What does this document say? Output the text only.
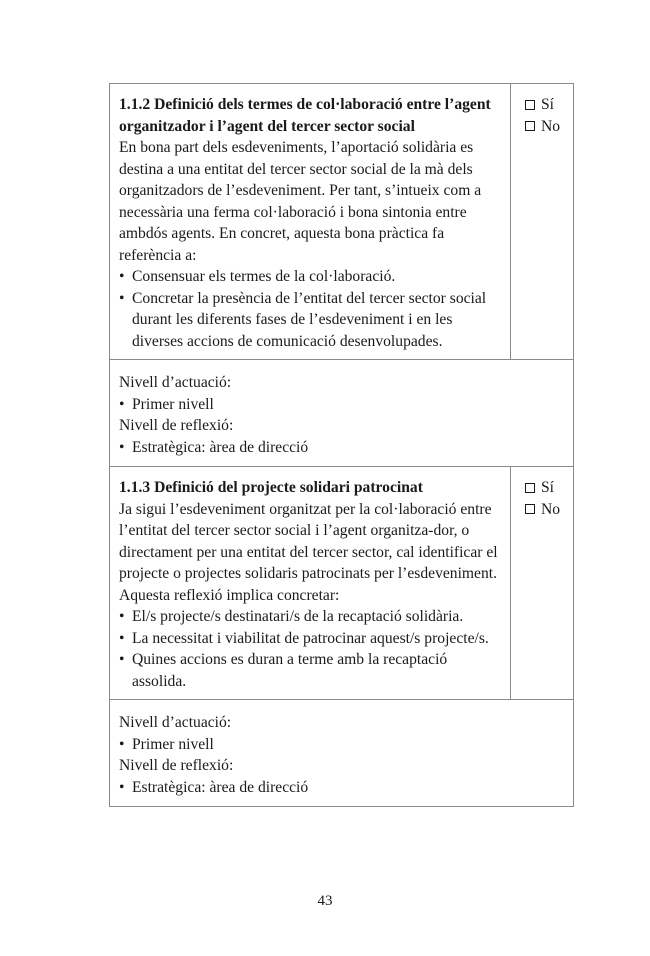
1.1.2 Definició dels termes de col·laboració entre l’agent organitzador i l’agent del tercer sector social

En bona part dels esdeveniments, l’aportació solidària es destina a una entitat del tercer sector social de la mà dels organitzadors de l’esdeveniment. Per tant, s’intueix com a necessària una ferma col·laboració i bona sintonia entre ambdós agents. En concret, aquesta bona pràctica fa referència a:

• Consensuar els termes de la col·laboració.
• Concretar la presència de l’entitat del tercer sector social durant les diferents fases de l’esdeveniment i en les diverses accions de comunicació desenvolupades.
Sí
No
Nivell d’actuació:
• Primer nivell
Nivell de reflexió:
• Estratègica: àrea de direcció
1.1.3 Definició del projecte solidari patrocinat

Ja sigui l’esdeveniment organitzat per la col·laboració entre l’entitat del tercer sector social i l’agent organitza-dor, o directament per una entitat del tercer sector, cal identificar el projecte o projectes solidaris patrocinats per l’esdeveniment. Aquesta reflexió implica concretar:

• El/s projecte/s destinatari/s de la recaptació solidària.
• La necessitat i viabilitat de patrocinar aquest/s projecte/s.
• Quines accions es duran a terme amb la recaptació assolida.
Sí
No
Nivell d’actuació:
• Primer nivell
Nivell de reflexió:
• Estratègica: àrea de direcció
43
